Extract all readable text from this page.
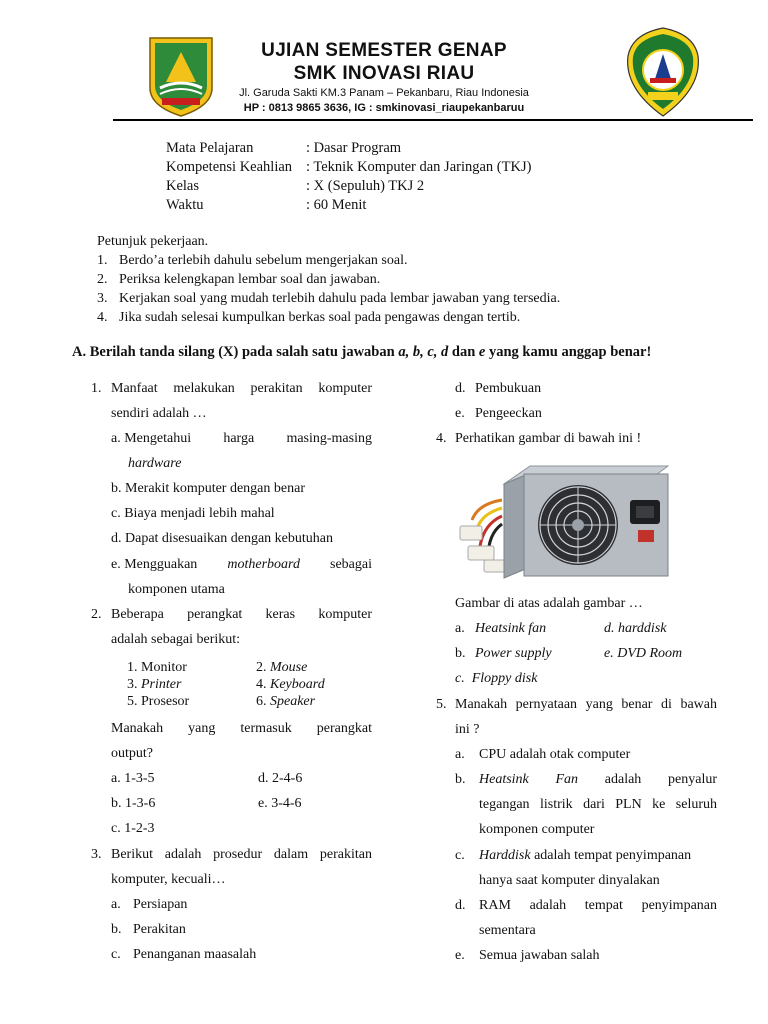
UJIAN SEMESTER GENAP
SMK INOVASI RIAU
Jl. Garuda Sakti KM.3 Panam – Pekanbaru, Riau Indonesia
HP : 0813 9865 3636, IG : smkinovasi_riaupekanbaruu
Mata Pelajaran	: Dasar Program
Kompetensi Keahlian : Teknik Komputer dan Jaringan (TKJ)
Kelas	: X (Sepuluh) TKJ 2
Waktu	: 60 Menit
Petunjuk pekerjaan.
1. Berdo’a terlebih dahulu sebelum mengerjakan soal.
2. Periksa kelengkapan lembar soal dan jawaban.
3. Kerjakan soal yang mudah terlebih dahulu pada lembar jawaban yang tersedia.
4. Jika sudah selesai kumpulkan berkas soal pada pengawas dengan tertib.
A. Berilah tanda silang (X) pada salah satu jawaban a, b, c, d dan e yang kamu anggap benar!
1. Manfaat melakukan perakitan komputer
sendiri adalah …
a. Mengetahui harga masing-masing
hardware
b. Merakit komputer dengan benar
c. Biaya menjadi lebih mahal
d. Dapat disesuaikan dengan kebutuhan
e. Mengguakan motherboard sebagai
komponen utama
2. Beberapa perangkat keras komputer
adalah sebagai berikut:
1. Monitor	2. Mouse
3. Printer	4. Keyboard
5. Prosesor	6. Speaker
Manakah yang termasuk perangkat
output?
a. 1-3-5	d. 2-4-6
b. 1-3-6	e. 3-4-6
c. 1-2-3
3. Berikut adalah prosedur dalam perakitan
komputer, kecuali…
a. Persiapan
b. Perakitan
c. Penanganan maasalah
d. Pembukuan
e. Pengeeckan
4. Perhatikan gambar di bawah ini !
Gambar di atas adalah gambar …
a. Heatsink fan	d. harddisk
b. Power supply	e. DVD Room
c. Floppy disk
5. Manakah pernyataan yang benar di bawah
ini ?
a. CPU adalah otak computer
b. Heatsink Fan adalah penyalur
tegangan listrik dari PLN ke seluruh
komponen computer
c. Harddisk adalah tempat penyimpanan
hanya saat komputer dinyalakan
d. RAM adalah tempat penyimpanan
sementara
e. Semua jawaban salah
